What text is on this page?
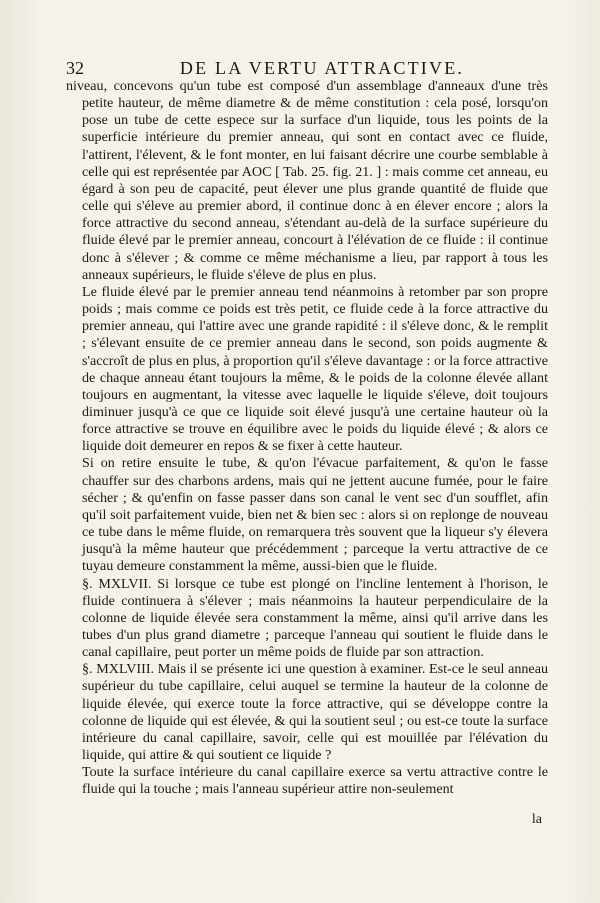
32	DE LA VERTU ATTRACTIVE.

niveau, concevons qu'un tube est composé d'un assemblage d'anneaux d'une très petite hauteur, de même diametre & de même constitution : cela posé, lorsqu'on pose un tube de cette espece sur la surface d'un liquide, tous les points de la superficie intérieure du premier anneau, qui sont en contact avec ce fluide, l'attirent, l'élevent, & le font monter, en lui faisant décrire une courbe semblable à celle qui est représentée par AOC [ Tab. 25. fig. 21. ] : mais comme cet anneau, eu égard à son peu de capacité, peut élever une plus grande quantité de fluide que celle qui s'éleve au premier abord, il continue donc à en élever encore ; alors la force attractive du second anneau, s'étendant au-delà de la surface supérieure du fluide élevé par le premier anneau, concourt à l'élévation de ce fluide : il continue donc à s'élever ; & comme ce même méchanisme a lieu, par rapport à tous les anneaux supérieurs, le fluide s'éleve de plus en plus.

Le fluide élevé par le premier anneau tend néanmoins à retomber par son propre poids ; mais comme ce poids est très petit, ce fluide cede à la force attractive du premier anneau, qui l'attire avec une grande rapidité : il s'éleve donc, & le remplit ; s'élevant ensuite de ce premier anneau dans le second, son poids augmente & s'accroît de plus en plus, à proportion qu'il s'éleve davantage : or la force attractive de chaque anneau étant toujours la même, & le poids de la colonne élevée allant toujours en augmentant, la vitesse avec laquelle le liquide s'éleve, doit toujours diminuer jusqu'à ce que ce liquide soit élevé jusqu'à une certaine hauteur où la force attractive se trouve en équilibre avec le poids du liquide élevé ; & alors ce liquide doit demeurer en repos & se fixer à cette hauteur.

Si on retire ensuite le tube, & qu'on l'évacue parfaitement, & qu'on le fasse chauffer sur des charbons ardens, mais qui ne jettent aucune fumée, pour le faire sécher ; & qu'enfin on fasse passer dans son canal le vent sec d'un soufflet, afin qu'il soit parfaitement vuide, bien net & bien sec : alors si on replonge de nouveau ce tube dans le même fluide, on remarquera très souvent que la liqueur s'y élevera jusqu'à la même hauteur que précédemment ; parceque la vertu attractive de ce tuyau demeure constamment la même, aussi-bien que le fluide.

§. MXLVII. Si lorsque ce tube est plongé on l'incline lentement à l'horison, le fluide continuera à s'élever ; mais néanmoins la hauteur perpendiculaire de la colonne de liquide élevée sera constamment la même, ainsi qu'il arrive dans les tubes d'un plus grand diametre ; parceque l'anneau qui soutient le fluide dans le canal capillaire, peut porter un même poids de fluide par son attraction.

§. MXLVIII. Mais il se présente ici une question à examiner. Est-ce le seul anneau supérieur du tube capillaire, celui auquel se termine la hauteur de la colonne de liquide élevée, qui exerce toute la force attractive, qui se développe contre la colonne de liquide qui est élevée, & qui la soutient seul ; ou est-ce toute la surface intérieure du canal capillaire, savoir, celle qui est mouillée par l'élévation du liquide, qui attire & qui soutient ce liquide ?

Toute la surface intérieure du canal capillaire exerce sa vertu attractive contre le fluide qui la touche ; mais l'anneau supérieur attire non-seulement

la
